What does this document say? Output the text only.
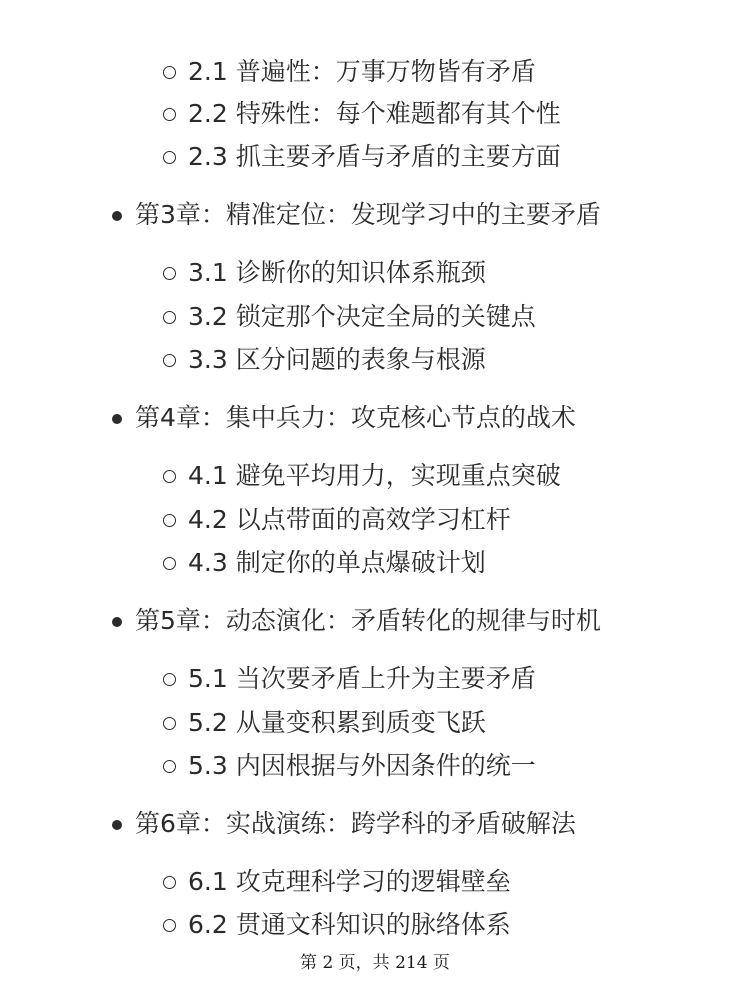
2.1 普遍性：万事万物皆有矛盾
2.2 特殊性：每个难题都有其个性
2.3 抓主要矛盾与矛盾的主要方面
第3章：精准定位：发现学习中的主要矛盾
3.1 诊断你的知识体系瓶颈
3.2 锁定那个决定全局的关键点
3.3 区分问题的表象与根源
第4章：集中兵力：攻克核心节点的战术
4.1 避免平均用力，实现重点突破
4.2 以点带面的高效学习杠杆
4.3 制定你的单点爆破计划
第5章：动态演化：矛盾转化的规律与时机
5.1 当次要矛盾上升为主要矛盾
5.2 从量变积累到质变飞跃
5.3 内因根据与外因条件的统一
第6章：实战演练：跨学科的矛盾破解法
6.1 攻克理科学习的逻辑壁垒
6.2 贯通文科知识的脉络体系
第 2 页，共 214 页
